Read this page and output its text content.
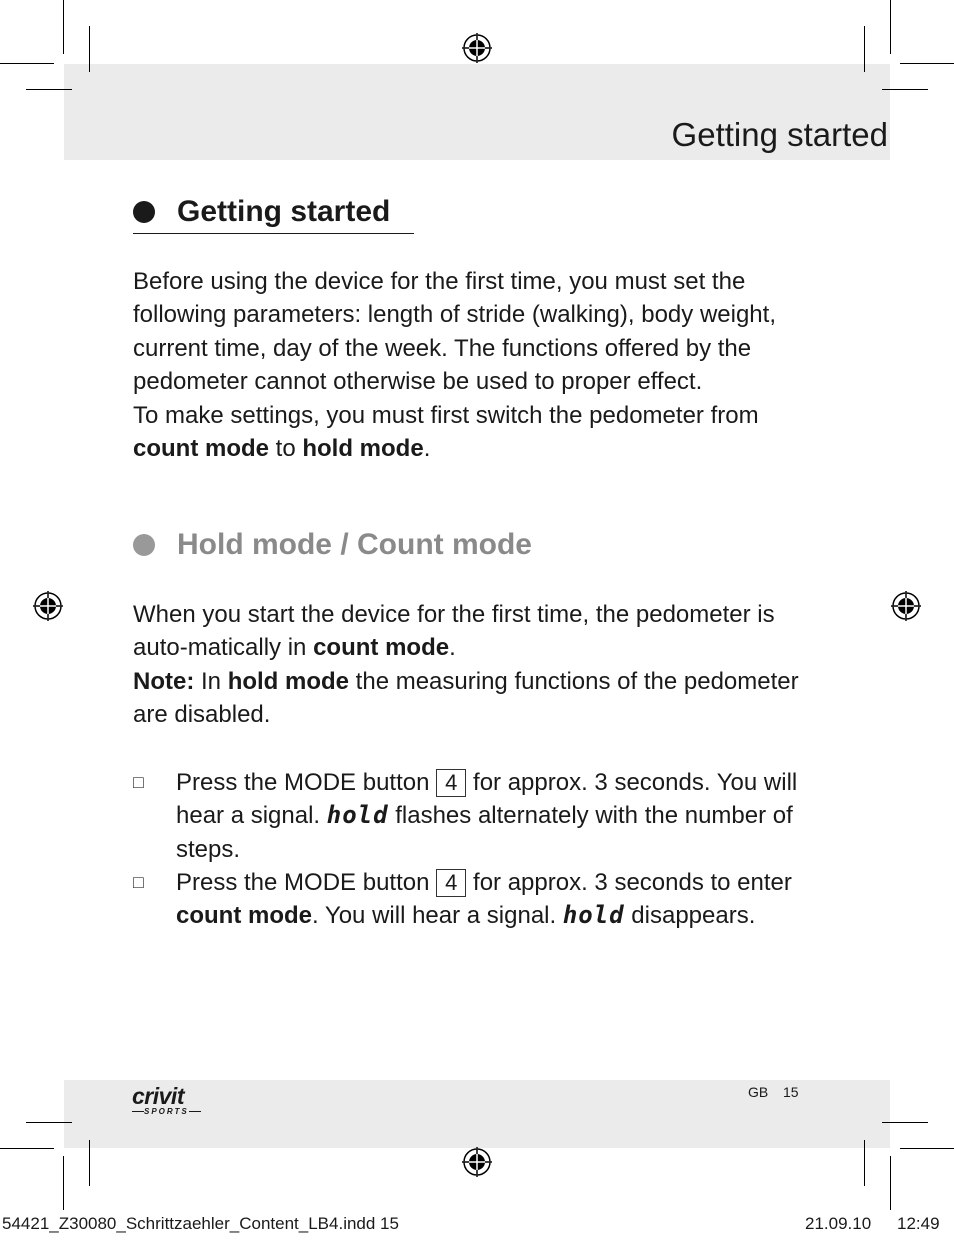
Getting started
Getting started

Before using the device for the first time, you must set the following parameters: length of stride (walking), body weight, current time, day of the week. The functions offered by the pedometer cannot otherwise be used to proper effect.
To make settings, you must first switch the pedometer from count mode to hold mode.

Hold mode / Count mode

When you start the device for the first time, the pedometer is auto-matically in count mode.
Note: In hold mode the measuring functions of the pedometer are disabled.

□ Press the MODE button 4 for approx. 3 seconds. You will hear a signal. hold flashes alternately with the number of steps.
□ Press the MODE button 4 for approx. 3 seconds to enter count mode. You will hear a signal. hold disappears.
crivit
SPORTS
GB 15
54421_Z30080_Schrittzaehler_Content_LB4.indd 15	21.09.10 12:49
